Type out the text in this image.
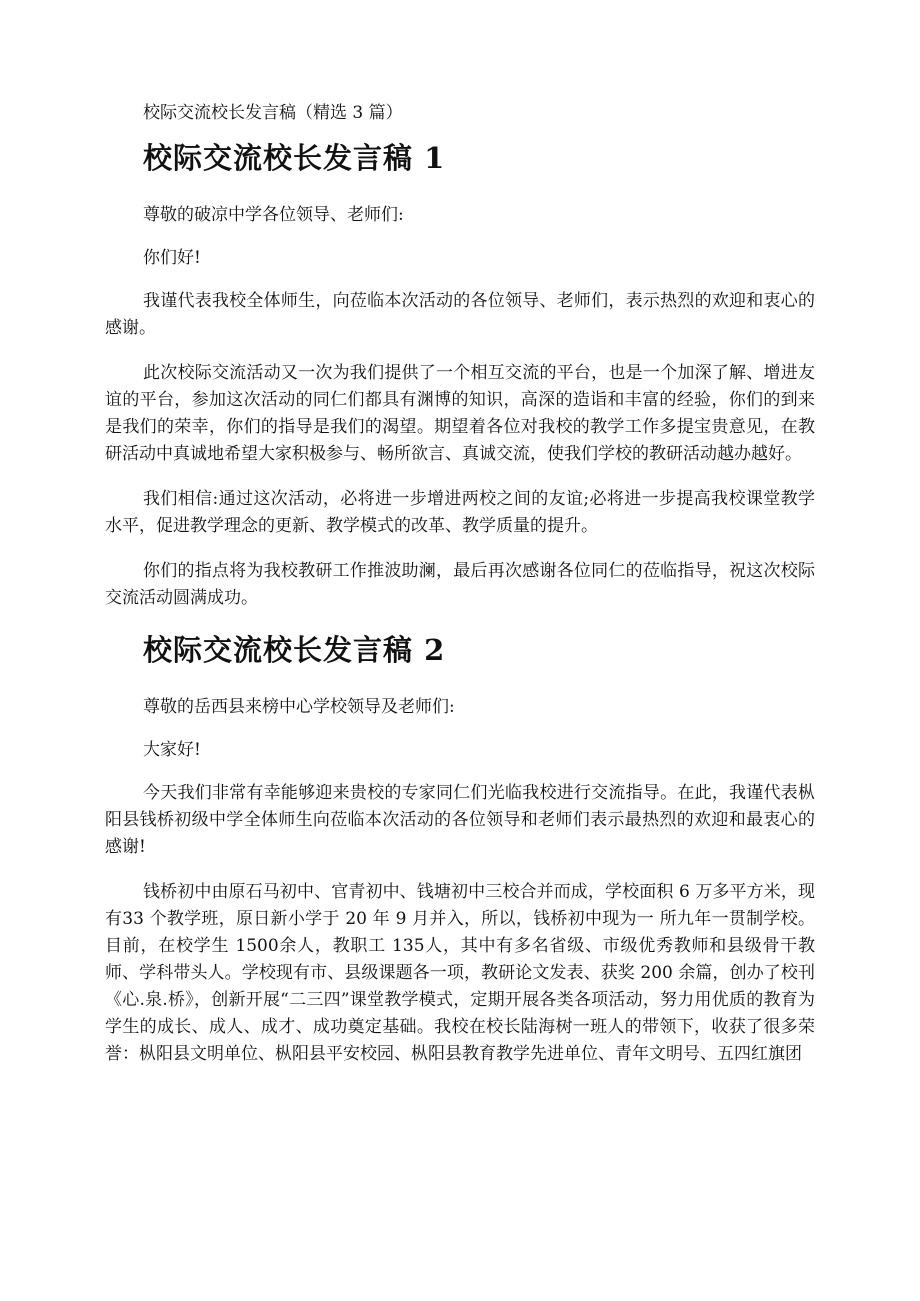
校际交流校长发言稿（精选 3 篇）
校际交流校长发言稿 1

尊敬的破凉中学各位领导、老师们:

你们好!

我谨代表我校全体师生，向莅临本次活动的各位领导、老师们，表示热烈的欢迎和衷心的感谢。

此次校际交流活动又一次为我们提供了一个相互交流的平台，也是一个加深了解、增进友谊的平台，参加这次活动的同仁们都具有渊博的知识，高深的造诣和丰富的经验，你们的到来是我们的荣幸，你们的指导是我们的渴望。期望着各位对我校的教学工作多提宝贵意见，在教研活动中真诚地希望大家积极参与、畅所欲言、真诚交流，使我们学校的教研活动越办越好。

我们相信:通过这次活动，必将进一步增进两校之间的友谊;必将进一步提高我校课堂教学水平，促进教学理念的更新、教学模式的改革、教学质量的提升。

你们的指点将为我校教研工作推波助澜，最后再次感谢各位同仁的莅临指导，祝这次校际交流活动圆满成功。

校际交流校长发言稿 2

尊敬的岳西县来榜中心学校领导及老师们:

大家好!

今天我们非常有幸能够迎来贵校的专家同仁们光临我校进行交流指导。在此，我谨代表枞阳县钱桥初级中学全体师生向莅临本次活动的各位领导和老师们表示最热烈的欢迎和最衷心的感谢!

钱桥初中由原石马初中、官青初中、钱塘初中三校合并而成，学校面积 6 万多平方米，现有33 个教学班，原日新小学于 20 年 9 月并入，所以，钱桥初中现为一 所九年一贯制学校。目前，在校学生 1500余人，教职工 135人，其中有多名省级、市级优秀教师和县级骨干教师、学科带头人。学校现有市、县级课题各一项，教研论文发表、获奖 200 余篇，创办了校刊《心.泉.桥》，创新开展“二三四”课堂教学模式，定期开展各类各项活动，努力用优质的教育为学生的成长、成人、成才、成功奠定基础。我校在校长陆海树一班人的带领下，收获了很多荣誉：枞阳县文明单位、枞阳县平安校园、枞阳县教育教学先进单位、青年文明号、五四红旗团
